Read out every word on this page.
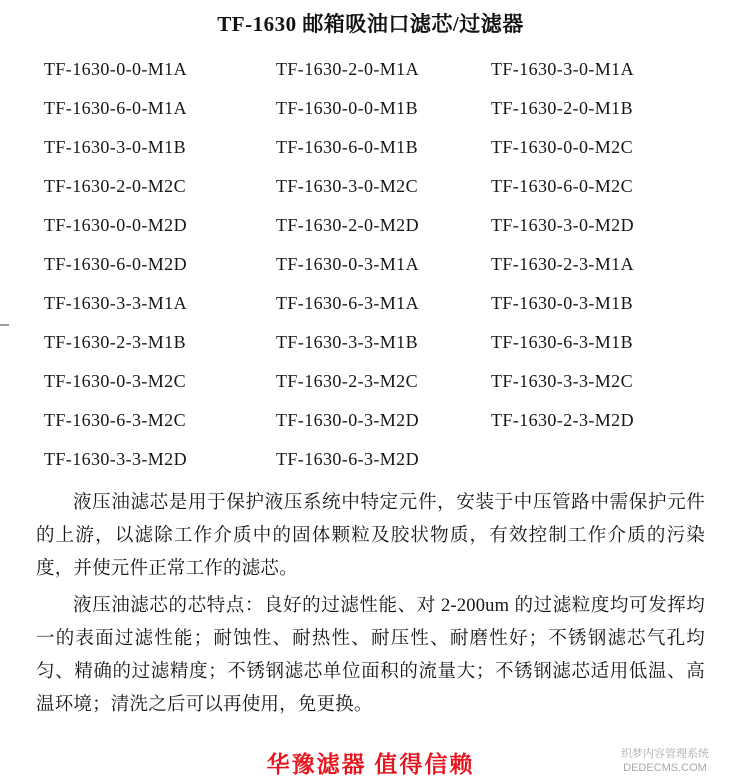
TF-1630 邮箱吸油口滤芯/过滤器
TF-1630-0-0-M1A	TF-1630-2-0-M1A	TF-1630-3-0-M1A
TF-1630-6-0-M1A	TF-1630-0-0-M1B	TF-1630-2-0-M1B
TF-1630-3-0-M1B	TF-1630-6-0-M1B	TF-1630-0-0-M2C
TF-1630-2-0-M2C	TF-1630-3-0-M2C	TF-1630-6-0-M2C
TF-1630-0-0-M2D	TF-1630-2-0-M2D	TF-1630-3-0-M2D
TF-1630-6-0-M2D	TF-1630-0-3-M1A	TF-1630-2-3-M1A
TF-1630-3-3-M1A	TF-1630-6-3-M1A	TF-1630-0-3-M1B
TF-1630-2-3-M1B	TF-1630-3-3-M1B	TF-1630-6-3-M1B
TF-1630-0-3-M2C	TF-1630-2-3-M2C	TF-1630-3-3-M2C
TF-1630-6-3-M2C	TF-1630-0-3-M2D	TF-1630-2-3-M2D
TF-1630-3-3-M2D	TF-1630-6-3-M2D

液压油滤芯是用于保护液压系统中特定元件，安装于中压管路中需保护元件的上游，以滤除工作介质中的固体颗粒及胶状物质，有效控制工作介质的污染度，并使元件正常工作的滤芯。

液压油滤芯的芯特点：良好的过滤性能、对 2-200um 的过滤粒度均可发挥均一的表面过滤性能；耐蚀性、耐热性、耐压性、耐磨性好；不锈钢滤芯气孔均匀、精确的过滤精度；不锈钢滤芯单位面积的流量大；不锈钢滤芯适用低温、高温环境；清洗之后可以再使用，免更换。

华豫滤器 值得信赖	织梦内容管理系统
DEDECMS.COM
